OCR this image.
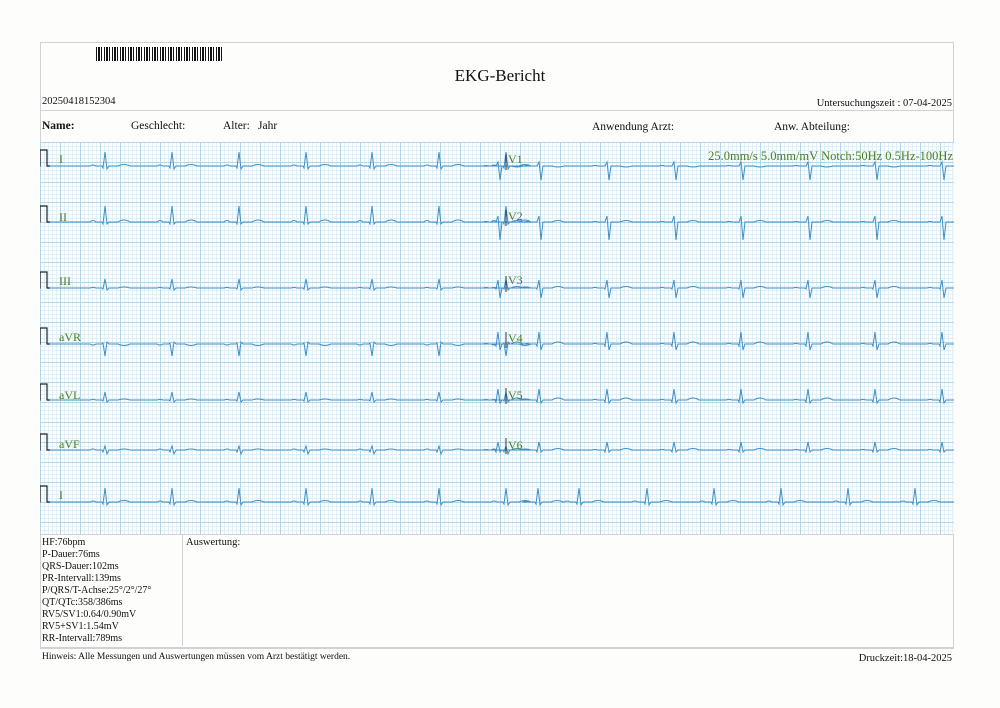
EKG-Bericht
20250418152304	Untersuchungszeit : 07-04-2025
Name:	Geschlecht:	Alter: Jahr	Anwendung Arzt:	Anw. Abteilung:
I
II
III
aVR
aVL
aVF
I
V1
V2
V3
V4
V5
V6
25.0mm/s 5.0mm/mV Notch:50Hz 0.5Hz-100Hz
HF:76bpm
P-Dauer:76ms
QRS-Dauer:102ms
PR-Intervall:139ms
P/QRS/T-Achse:25°/2°/27°
QT/QTc:358/386ms
RV5/SV1:0.64/0.90mV
RV5+SV1:1.54mV
RR-Intervall:789ms
Auswertung:
Hinweis: Alle Messungen und Auswertungen müssen vom Arzt bestätigt werden.	Druckzeit:18-04-2025
